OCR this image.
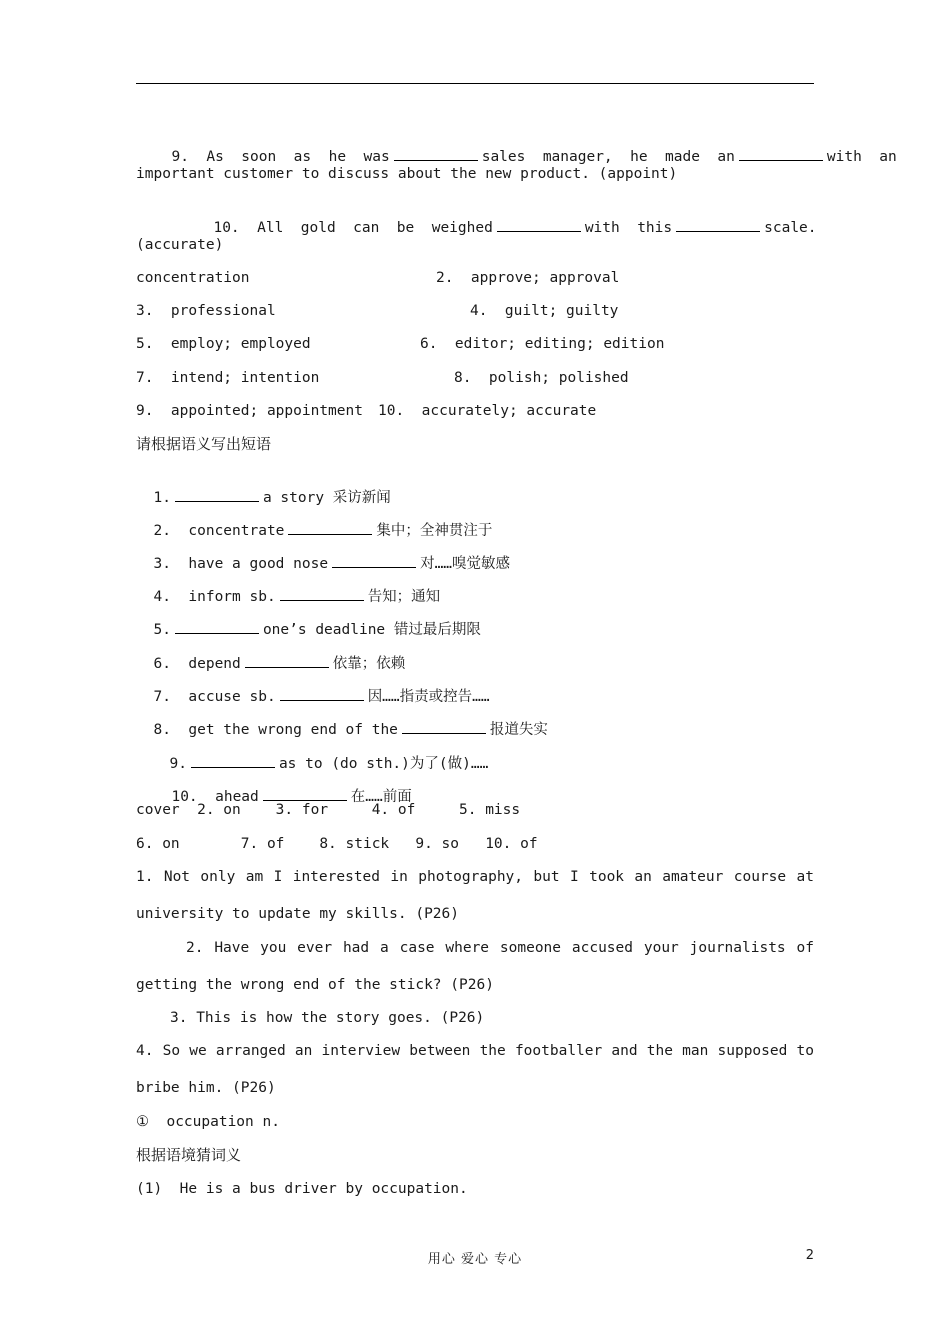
9.  As  soon  as  he  was	sales  manager,  he  made  an	with  an

important customer to discuss about the new product. (appoint)

10.  All  gold  can  be  weighed	with  this	scale.

(accurate)

concentration

	2.  approve; approval

3.  professional

	4.  guilt; guilty

5.  employ; employed

	6.  editor; editing; edition

7.  intend; intention

	8.  polish; polished

9.  appointed; appointment

10.  accurately; accurate

请根据语义写出短语

1.	a story 采访新闻

2.  concentrate	集中；全神贯注于

3.  have a good nose	对……嗅觉敏感

4.  inform sb.	告知；通知

5.	one’s deadline 错过最后期限

6.  depend	依靠；依赖

7.  accuse sb.	因……指责或控告……

8.  get the wrong end of the	报道失实

9.	as to (do sth.)为了(做)……

10.  ahead	在……前面

cover  2. on    3. for     4. of     5. miss
6. on       7. of    8. stick   9. so   10. of
1. Not only am I interested in photography, but I took an amateur course at
university to update my skills. (P26)
2. Have you ever had a case where someone accused your journalists of
getting the wrong end of the stick? (P26)
3. This is how the story goes. (P26)
4. So we arranged an interview between the footballer and the man supposed to
bribe him. (P26)
①  occupation n.
根据语境猜词义
(1)  He is a bus driver by occupation.
用心 爱心 专心	2
